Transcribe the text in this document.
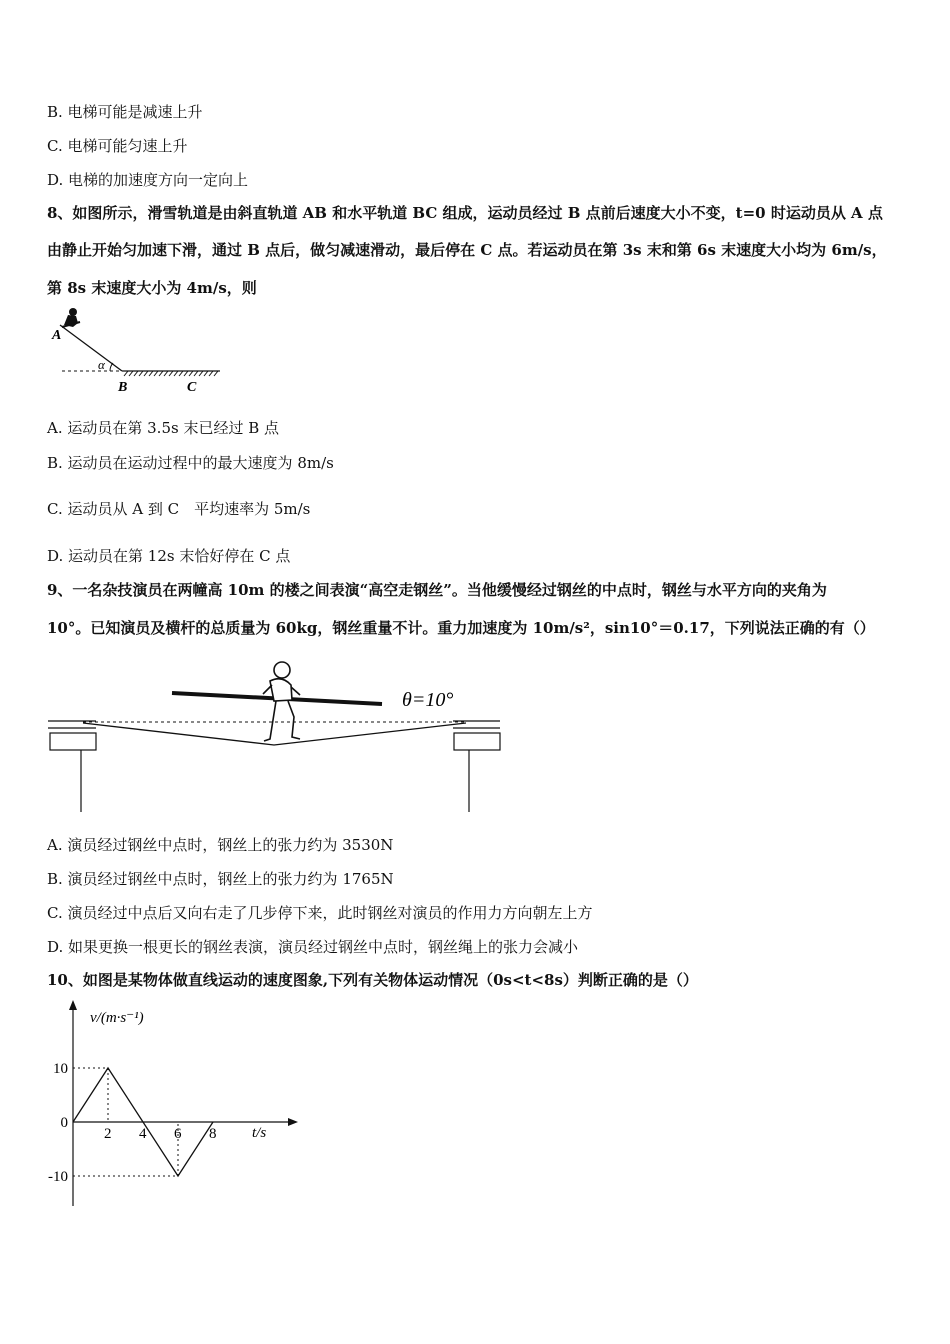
B. 电梯可能是减速上升
C. 电梯可能匀速上升
D. 电梯的加速度方向一定向上
8、如图所示，滑雪轨道是由斜直轨道 AB 和水平轨道 BC 组成，运动员经过 B 点前后速度大小不变，t=0 时运动员从 A 点
由静止开始匀加速下滑，通过 B 点后，做匀减速滑动，最后停在 C 点。若运动员在第 3s 末和第 6s 末速度大小均为 6m/s，
第 8s 末速度大小为 4m/s，则
A
α
B	C
A. 运动员在第 3.5s 末已经过 B 点
B. 运动员在运动过程中的最大速度为 8m/s
C. 运动员从 A 到 C　平均速率为 5m/s
D. 运动员在第 12s 末恰好停在 C 点
9、一名杂技演员在两幢高 10m 的楼之间表演“高空走钢丝”。当他缓慢经过钢丝的中点时，钢丝与水平方向的夹角为
10°。已知演员及横杆的总质量为 60kg，钢丝重量不计。重力加速度为 10m/s²，sin10°＝0.17，下列说法正确的有（）
θ=10°
A. 演员经过钢丝中点时，钢丝上的张力约为 3530N
B. 演员经过钢丝中点时，钢丝上的张力约为 1765N
C. 演员经过中点后又向右走了几步停下来，此时钢丝对演员的作用力方向朝左上方
D. 如果更换一根更长的钢丝表演，演员经过钢丝中点时，钢丝绳上的张力会减小
10、如图是某物体做直线运动的速度图象,下列有关物体运动情况（0s<t<8s）判断正确的是（）
v/(m·s⁻¹)
t/s
2 4 6 8
10
0
-10
